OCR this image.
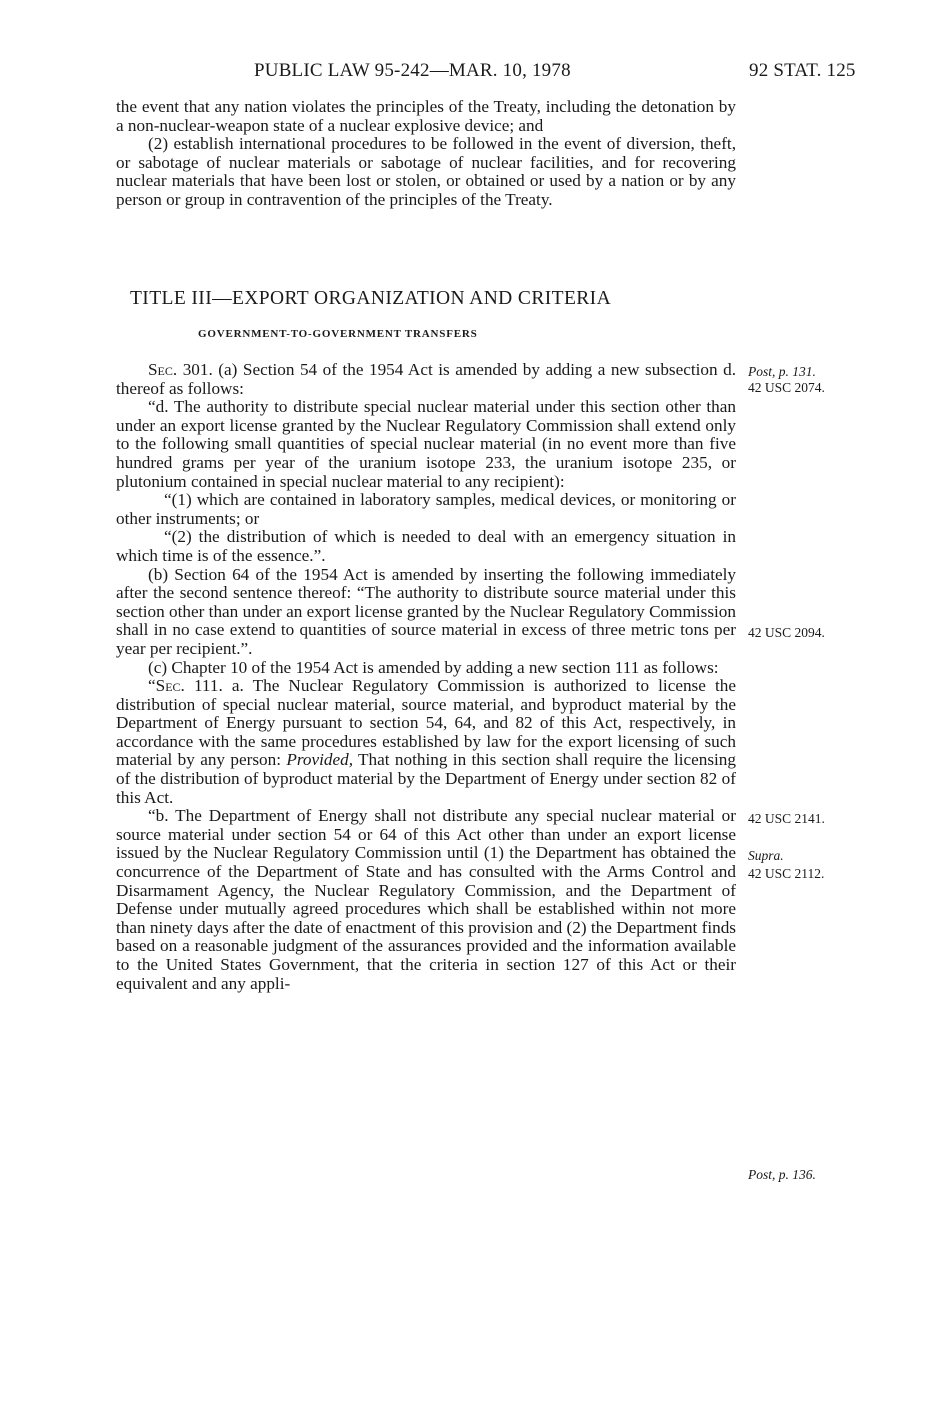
PUBLIC LAW 95-242—MAR. 10, 1978	92 STAT. 125

the event that any nation violates the principles of the Treaty, including the detonation by a non-nuclear-weapon state of a nuclear explosive device; and

(2) establish international procedures to be followed in the event of diversion, theft, or sabotage of nuclear materials or sabotage of nuclear facilities, and for recovering nuclear materials that have been lost or stolen, or obtained or used by a nation or by any person or group in contravention of the principles of the Treaty.

TITLE III—EXPORT ORGANIZATION AND CRITERIA
GOVERNMENT-TO-GOVERNMENT TRANSFERS

Sec. 301. (a) Section 54 of the 1954 Act is amended by adding a new subsection d. thereof as follows:

“d. The authority to distribute special nuclear material under this section other than under an export license granted by the Nuclear Regulatory Commission shall extend only to the following small quantities of special nuclear material (in no event more than five hundred grams per year of the uranium isotope 233, the uranium isotope 235, or plutonium contained in special nuclear material to any recipient):

“(1) which are contained in laboratory samples, medical devices, or monitoring or other instruments; or

“(2) the distribution of which is needed to deal with an emergency situation in which time is of the essence.”.

(b) Section 64 of the 1954 Act is amended by inserting the following immediately after the second sentence thereof: “The authority to distribute source material under this section other than under an export license granted by the Nuclear Regulatory Commission shall in no case extend to quantities of source material in excess of three metric tons per year per recipient.”.

(c) Chapter 10 of the 1954 Act is amended by adding a new section 111 as follows:

“Sec. 111. a. The Nuclear Regulatory Commission is authorized to license the distribution of special nuclear material, source material, and byproduct material by the Department of Energy pursuant to section 54, 64, and 82 of this Act, respectively, in accordance with the same procedures established by law for the export licensing of such material by any person: Provided, That nothing in this section shall require the licensing of the distribution of byproduct material by the Department of Energy under section 82 of this Act.

“b. The Department of Energy shall not distribute any special nuclear material or source material under section 54 or 64 of this Act other than under an export license issued by the Nuclear Regulatory Commission until (1) the Department has obtained the concurrence of the Department of State and has consulted with the Arms Control and Disarmament Agency, the Nuclear Regulatory Commission, and the Department of Defense under mutually agreed procedures which shall be established within not more than ninety days after the date of enactment of this provision and (2) the Department finds based on a reasonable judgment of the assurances provided and the information available to the United States Government, that the criteria in section 127 of this Act or their equivalent and any appli-

Post, p. 131.
42 USC 2074.
42 USC 2094.
42 USC 2141.
Supra.
42 USC 2112.
Post, p. 136.
